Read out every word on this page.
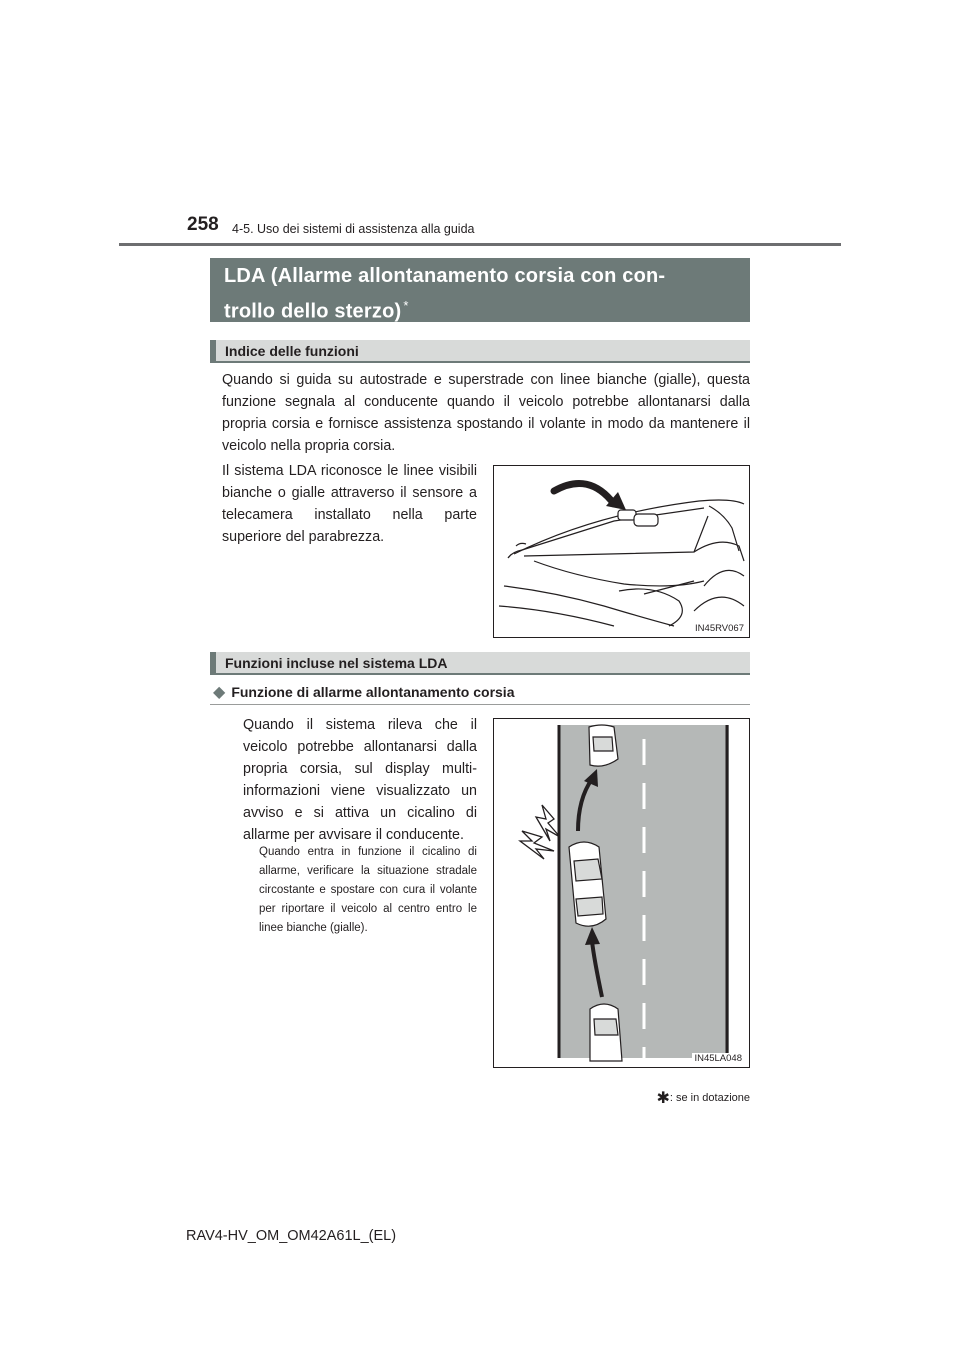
258 4-5. Uso dei sistemi di assistenza alla guida
LDA (Allarme allontanamento corsia con con-
trollo dello sterzo) *
Indice delle funzioni
Quando si guida su autostrade e superstrade con linee bianche (gialle), questa funzione segnala al conducente quando il veicolo potrebbe allontanarsi dalla propria corsia e fornisce assistenza spostando il volante in modo da mantenere il veicolo nella propria corsia.
Il sistema LDA riconosce le linee visibili bianche o gialle attraverso il sensore a telecamera installato nella parte superiore del parabrezza.
IN45RV067
Funzioni incluse nel sistema LDA
◆ Funzione di allarme allontanamento corsia
Quando il sistema rileva che il veicolo potrebbe allontanarsi dalla propria corsia, sul display multi-informazioni viene visualizzato un avviso e si attiva un cicalino di allarme per avvisare il conducente.
Quando entra in funzione il cicalino di allarme, verificare la situazione stradale circostante e spostare con cura il volante per riportare il veicolo al centro entro le linee bianche (gialle).
IN45LA048
✱: se in dotazione
RAV4-HV_OM_OM42A61L_(EL)
